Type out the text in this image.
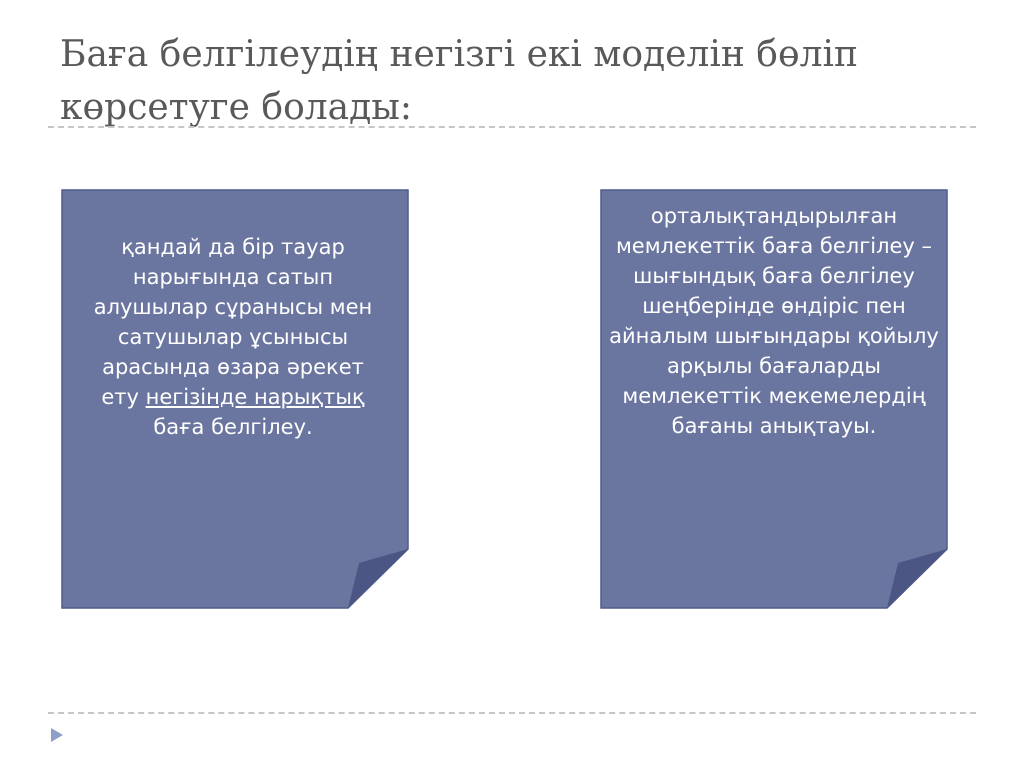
Баға белгілеудің негізгі екі моделін бөліп көрсетуге болады:

қандай да бір тауар нарығында сатып алушылар сұранысы мен сатушылар ұсынысы арасында өзара әрекет ету негізінде нарықтық баға белгілеу.

орталықтандырылған мемлекеттік баға белгілеу – шығындық баға белгілеу шеңберінде өндіріс пен айналым шығындары қойылу арқылы бағаларды мемлекеттік мекемелердің бағаны анықтауы.
